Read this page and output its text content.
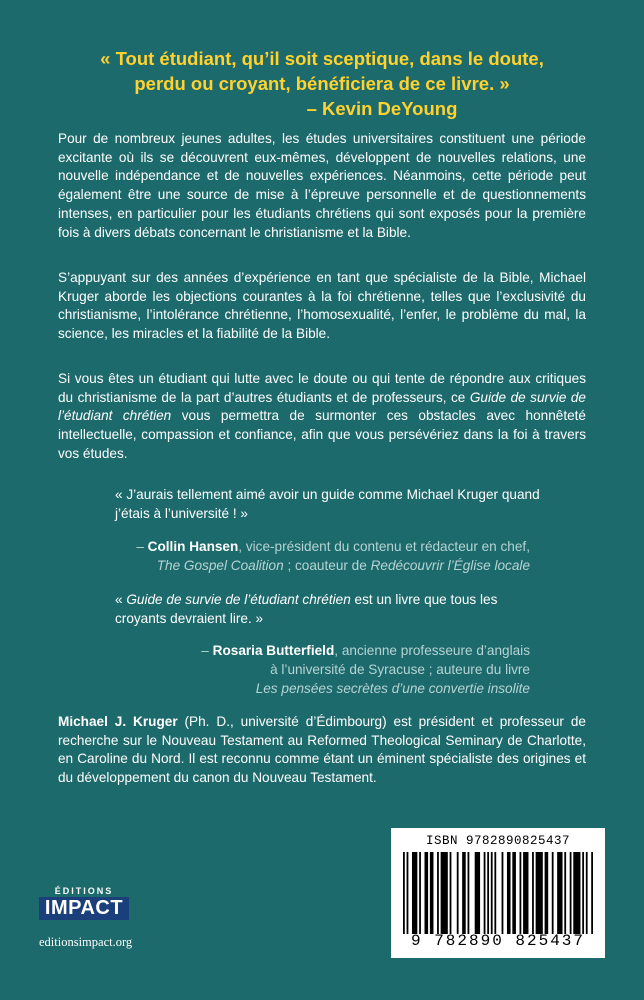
« Tout étudiant, qu’il soit sceptique, dans le doute,
perdu ou croyant, bénéficiera de ce livre. »

– Kevin DeYoung

Pour de nombreux jeunes adultes, les études universitaires constituent une période excitante où ils se découvrent eux-mêmes, développent de nouvelles relations, une nouvelle indépendance et de nouvelles expériences. Néanmoins, cette période peut également être une source de mise à l’épreuve personnelle et de questionnements intenses, en particulier pour les étudiants chrétiens qui sont exposés pour la première fois à divers débats concernant le christianisme et la Bible.

S’appuyant sur des années d’expérience en tant que spécialiste de la Bible, Michael Kruger aborde les objections courantes à la foi chrétienne, telles que l’exclusivité du christianisme, l’intolérance chrétienne, l’homosexualité, l’enfer, le problème du mal, la science, les miracles et la fiabilité de la Bible.

Si vous êtes un étudiant qui lutte avec le doute ou qui tente de répondre aux critiques du christianisme de la part d’autres étudiants et de professeurs, ce Guide de survie de l’étudiant chrétien vous permettra de surmonter ces obstacles avec honnêteté intellectuelle, compassion et confiance, afin que vous persévériez dans la foi à travers vos études.

« J’aurais tellement aimé avoir un guide comme Michael Kruger quand j’étais à l’université ! »

– Collin Hansen, vice-président du contenu et rédacteur en chef,
The Gospel Coalition ; coauteur de Redécouvrir l’Église locale

« Guide de survie de l’étudiant chrétien est un livre que tous les croyants devraient lire. »

– Rosaria Butterfield, ancienne professeure d’anglais
à l’université de Syracuse ; auteure du livre
Les pensées secrètes d’une convertie insolite

Michael J. Kruger (Ph. D., université d’Édimbourg) est président et professeur de recherche sur le Nouveau Testament au Reformed Theological Seminary de Charlotte, en Caroline du Nord. Il est reconnu comme étant un éminent spécialiste des origines et du développement du canon du Nouveau Testament.

ISBN 9782890825437
9 782890 825437
ÉDITIONS
IMPACT
editionsimpact.org
